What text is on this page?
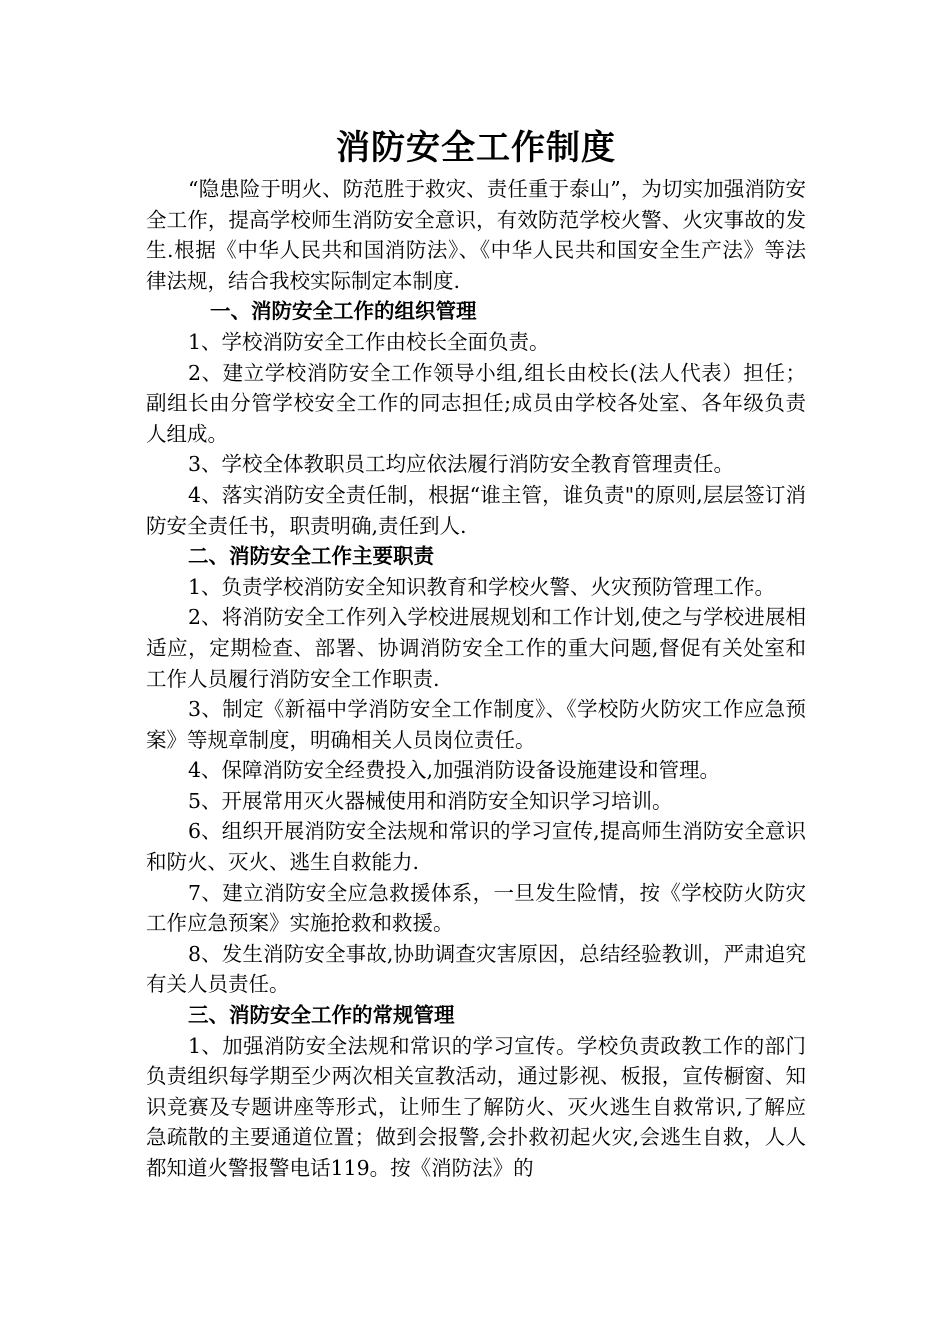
消防安全工作制度

“隐患险于明火、防范胜于救灾、责任重于泰山”，为切实加强消防安全工作，提高学校师生消防安全意识，有效防范学校火警、火灾事故的发生.根据《中华人民共和国消防法》、《中华人民共和国安全生产法》等法律法规，结合我校实际制定本制度.

一、消防安全工作的组织管理

1、学校消防安全工作由校长全面负责。

2、建立学校消防安全工作领导小组,组长由校长(法人代表）担任；副组长由分管学校安全工作的同志担任;成员由学校各处室、各年级负责人组成。

3、学校全体教职员工均应依法履行消防安全教育管理责任。

4、落实消防安全责任制，根据“谁主管，谁负责"的原则,层层签订消防安全责任书，职责明确,责任到人.

二、消防安全工作主要职责

1、负责学校消防安全知识教育和学校火警、火灾预防管理工作。

2、将消防安全工作列入学校进展规划和工作计划,使之与学校进展相适应，定期检查、部署、协调消防安全工作的重大问题,督促有关处室和工作人员履行消防安全工作职责.

3、制定《新福中学消防安全工作制度》、《学校防火防灾工作应急预案》等规章制度，明确相关人员岗位责任。

4、保障消防安全经费投入,加强消防设备设施建设和管理。

5、开展常用灭火器械使用和消防安全知识学习培训。

6、组织开展消防安全法规和常识的学习宣传,提高师生消防安全意识和防火、灭火、逃生自救能力.

7、建立消防安全应急救援体系，一旦发生险情，按《学校防火防灾工作应急预案》实施抢救和救援。

8、发生消防安全事故,协助调查灾害原因，总结经验教训，严肃追究有关人员责任。

三、消防安全工作的常规管理

1、加强消防安全法规和常识的学习宣传。学校负责政教工作的部门负责组织每学期至少两次相关宣教活动，通过影视、板报，宣传橱窗、知识竞赛及专题讲座等形式，让师生了解防火、灭火逃生自救常识,了解应急疏散的主要通道位置；做到会报警,会扑救初起火灾,会逃生自救，人人都知道火警报警电话119。按《消防法》的
